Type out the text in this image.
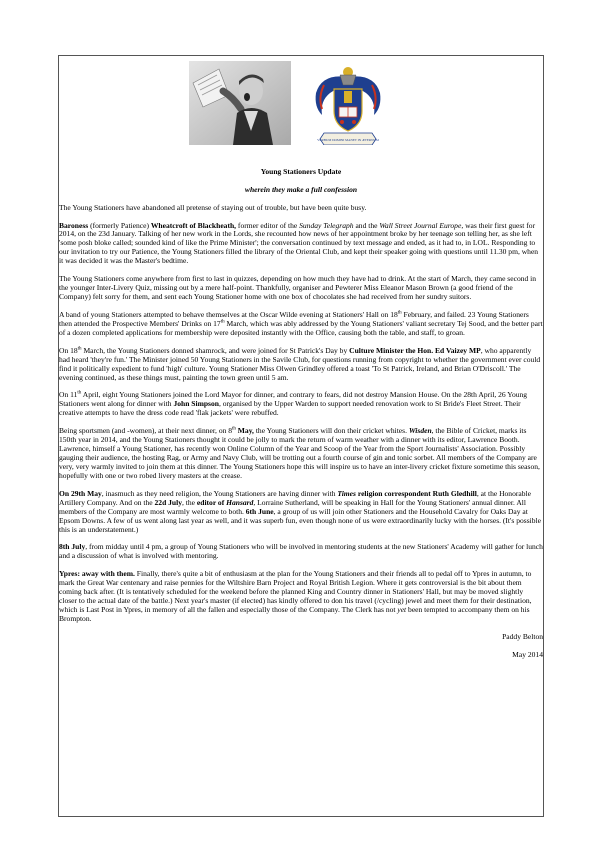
VERBUM DOMINI MANET IN ÆTERNUM

Young Stationers Update

wherein they make a full confession

The Young Stationers have abandoned all pretense of staying out of trouble, but have been quite busy.

Baroness (formerly Patience) Wheatcroft of Blackheath, former editor of the Sunday Telegraph and the Wall Street Journal Europe, was their first guest for 2014, on the 23d January. Talking of her new work in the Lords, she recounted how news of her appointment broke by her teenage son telling her, as she left 'some posh bloke called; sounded kind of like the Prime Minister'; the conversation continued by text message and ended, as it had to, in LOL. Responding to our invitation to try our Patience, the Young Stationers filled the library of the Oriental Club, and kept their speaker going with questions until 11.30 pm, when it was decided it was the Master's bedtime.

The Young Stationers come anywhere from first to last in quizzes, depending on how much they have had to drink. At the start of March, they came second in the younger Inter-Livery Quiz, missing out by a mere half-point. Thankfully, organiser and Pewterer Miss Eleanor Mason Brown (a good friend of the Company) felt sorry for them, and sent each Young Stationer home with one box of chocolates she had received from her sundry suitors.

A band of young Stationers attempted to behave themselves at the Oscar Wilde evening at Stationers' Hall on 18th February, and failed. 23 Young Stationers then attended the Prospective Members' Drinks on 17th March, which was ably addressed by the Young Stationers' valiant secretary Tej Sood, and the better part of a dozen completed applications for membership were deposited instantly with the Office, causing both the table, and staff, to groan.

On 18th March, the Young Stationers donned shamrock, and were joined for St Patrick's Day by Culture Minister the Hon. Ed Vaizey MP, who apparently had heard 'they're fun.' The Minister joined 50 Young Stationers in the Savile Club, for questions running from copyright to whether the government ever could find it politically expedient to fund 'high' culture. Young Stationer Miss Olwen Grindley offered a toast 'To St Patrick, Ireland, and Brian O'Driscoll.' The evening continued, as these things must, painting the town green until 5 am.

On 11th April, eight Young Stationers joined the Lord Mayor for dinner, and contrary to fears, did not destroy Mansion House. On the 28th April, 26 Young Stationers went along for dinner with John Simpson, organised by the Upper Warden to support needed renovation work to St Bride's Fleet Street. Their creative attempts to have the dress code read 'flak jackets' were rebuffed.

Being sportsmen (and -women), at their next dinner, on 8th May, the Young Stationers will don their cricket whites. Wisden, the Bible of Cricket, marks its 150th year in 2014, and the Young Stationers thought it could be jolly to mark the return of warm weather with a dinner with its editor, Lawrence Booth. Lawrence, himself a Young Stationer, has recently won Online Column of the Year and Scoop of the Year from the Sport Journalists' Association. Possibly gauging their audience, the hosting Rag, or Army and Navy Club, will be trotting out a fourth course of gin and tonic sorbet. All members of the Company are very, very warmly invited to join them at this dinner. The Young Stationers hope this will inspire us to have an inter-livery cricket fixture sometime this season, hopefully with one or two robed livery masters at the crease.

On 29th May, inasmuch as they need religion, the Young Stationers are having dinner with Times religion correspondent Ruth Gledhill, at the Honorable Artillery Company. And on the 22d July, the editor of Hansard, Lorraine Sutherland, will be speaking in Hall for the Young Stationers' annual dinner. All members of the Company are most warmly welcome to both. 6th June, a group of us will join other Stationers and the Household Cavalry for Oaks Day at Epsom Downs. A few of us went along last year as well, and it was superb fun, even though none of us were extraordinarily lucky with the horses. (It's possible this is an understatement.)

8th July, from midday until 4 pm, a group of Young Stationers who will be involved in mentoring students at the new Stationers' Academy will gather for lunch and a discussion of what is involved with mentoring.

Ypres: away with them. Finally, there's quite a bit of enthusiasm at the plan for the Young Stationers and their friends all to pedal off to Ypres in autumn, to mark the Great War centenary and raise pennies for the Wiltshire Barn Project and Royal British Legion. Where it gets controversial is the bit about them coming back after. (It is tentatively scheduled for the weekend before the planned King and Country dinner in Stationers' Hall, but may be moved slightly closer to the actual date of the battle.) Next year's master (if elected) has kindly offered to don his travel (/cycling) jewel and meet them for their destination, which is Last Post in Ypres, in memory of all the fallen and especially those of the Company. The Clerk has not yet been tempted to accompany them on his Brompton.

Paddy Belton

May 2014
